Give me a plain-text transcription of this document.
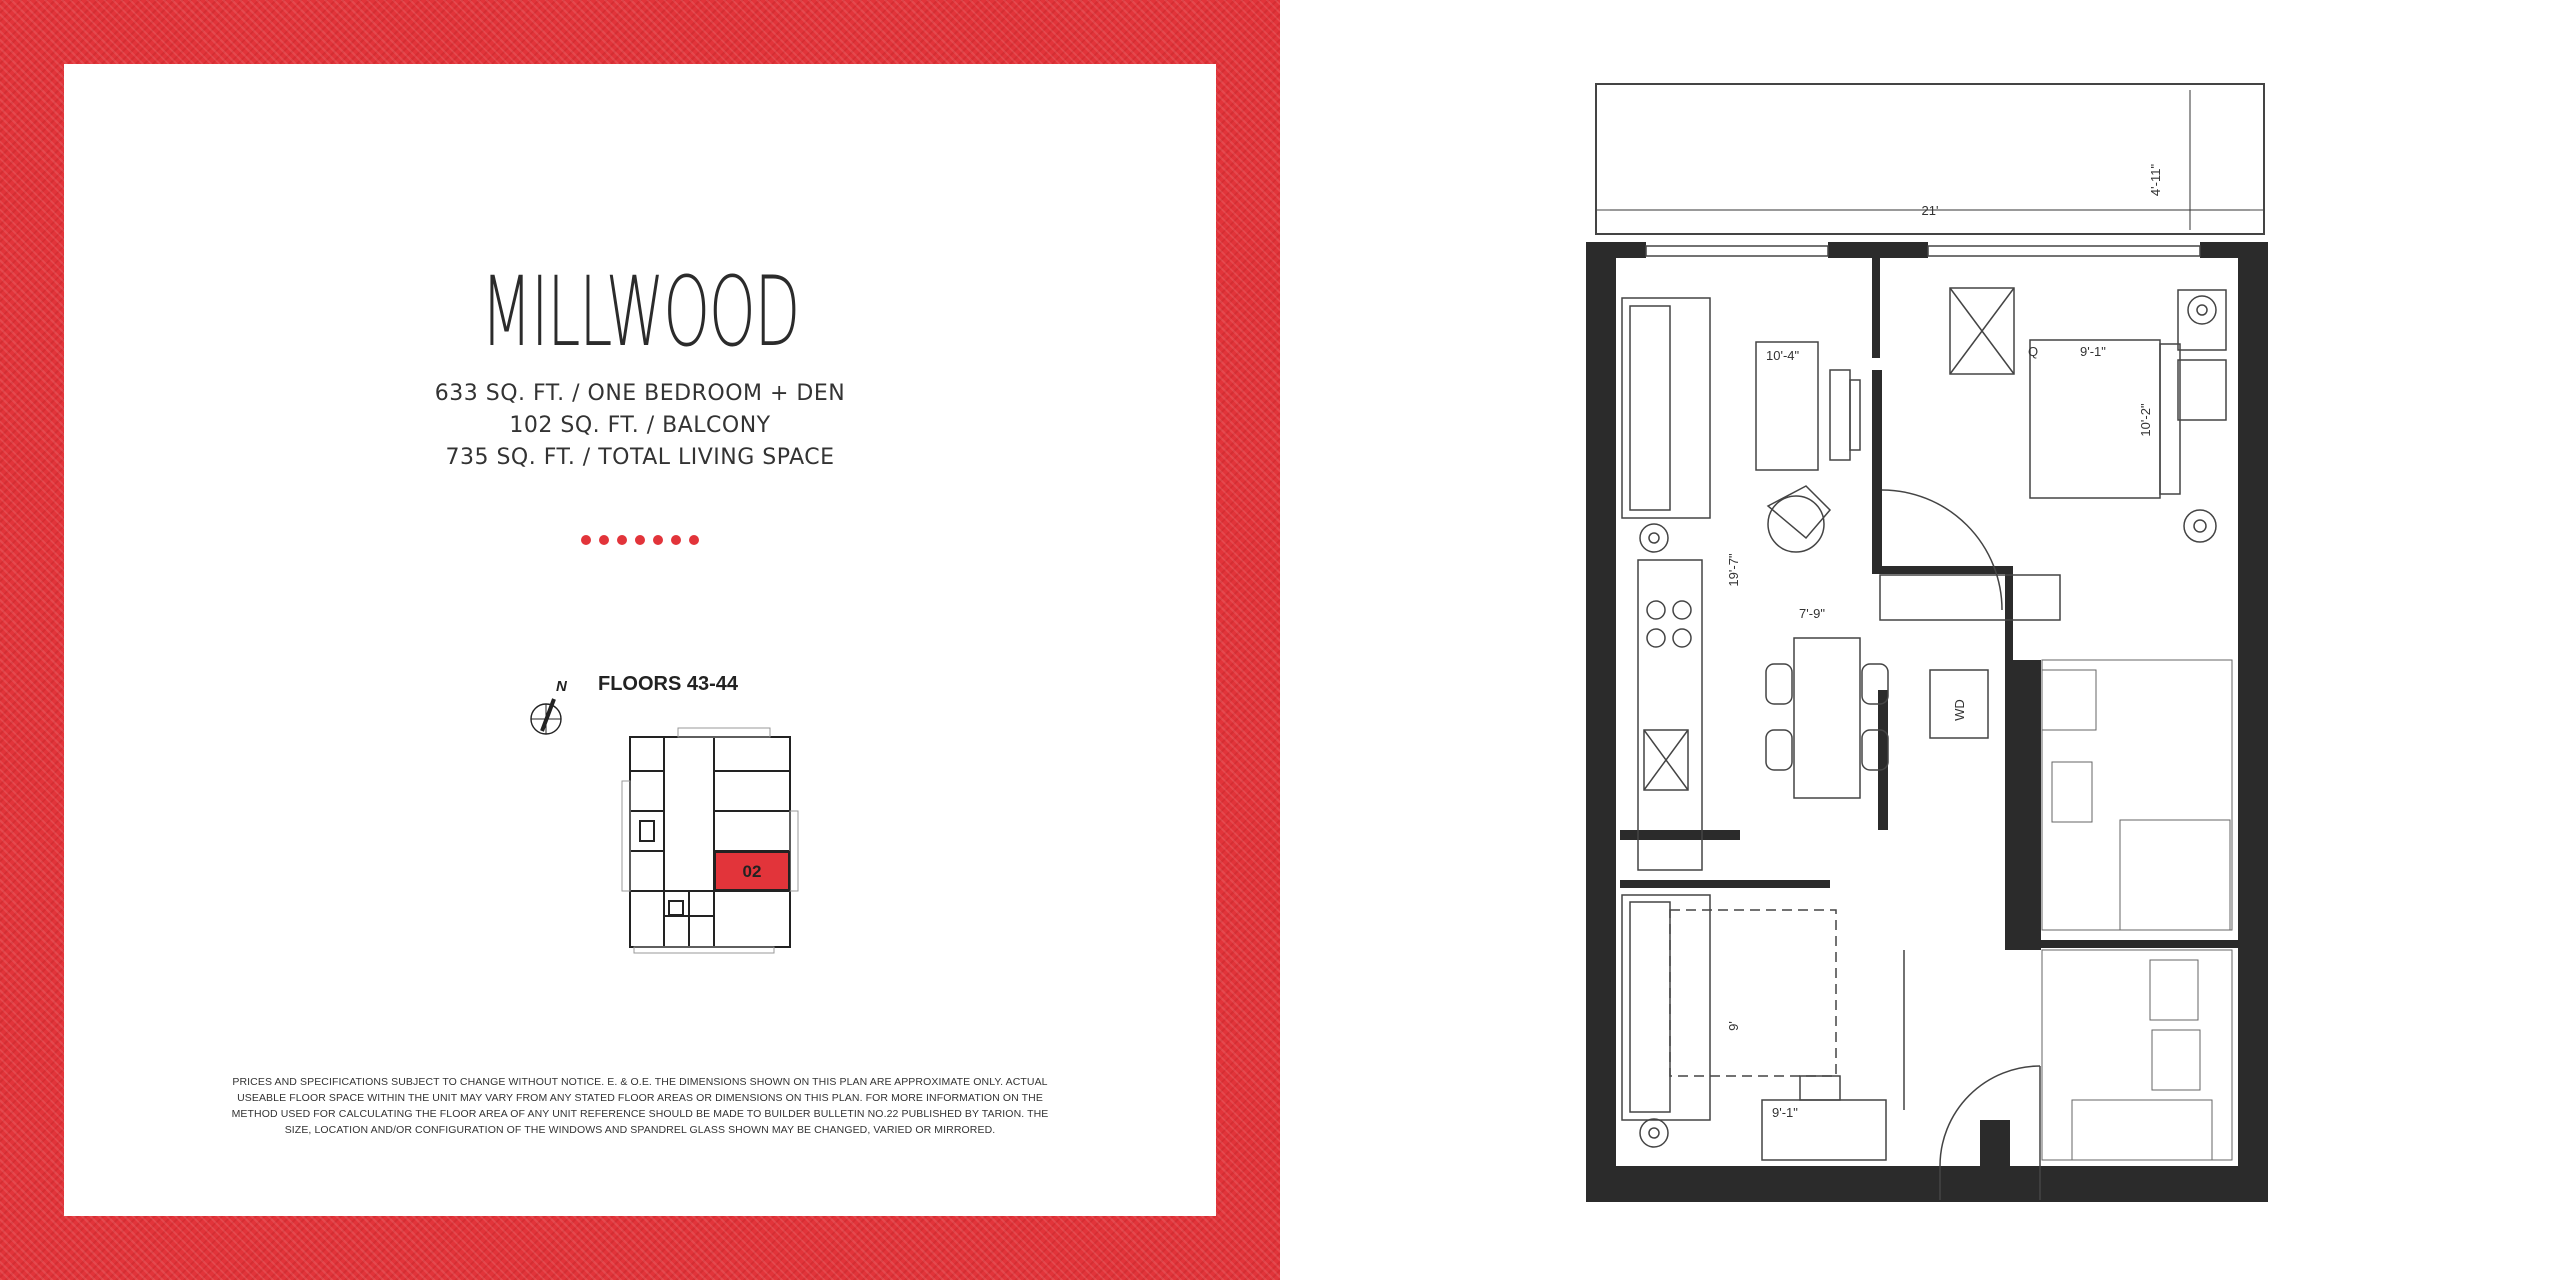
MILLWOOD
633 SQ. FT. / ONE BEDROOM + DEN
102 SQ. FT. / BALCONY
735 SQ. FT. / TOTAL LIVING SPACE
N FLOORS 43-44
02
PRICES AND SPECIFICATIONS SUBJECT TO CHANGE WITHOUT NOTICE. E. & O.E. THE DIMENSIONS SHOWN ON THIS PLAN ARE APPROXIMATE ONLY. ACTUAL
USEABLE FLOOR SPACE WITHIN THE UNIT MAY VARY FROM ANY STATED FLOOR AREAS OR DIMENSIONS ON THIS PLAN. FOR MORE INFORMATION ON THE
METHOD USED FOR CALCULATING THE FLOOR AREA OF ANY UNIT REFERENCE SHOULD BE MADE TO BUILDER BULLETIN NO.22 PUBLISHED BY TARION. THE
SIZE, LOCATION AND/OR CONFIGURATION OF THE WINDOWS AND SPANDREL GLASS SHOWN MAY BE CHANGED, VARIED OR MIRRORED.
21'
4'-11"
10'-4"
19'-7"
7'-9"
Q	9'-1"
10'-2"
WD
9'
9'-1"
